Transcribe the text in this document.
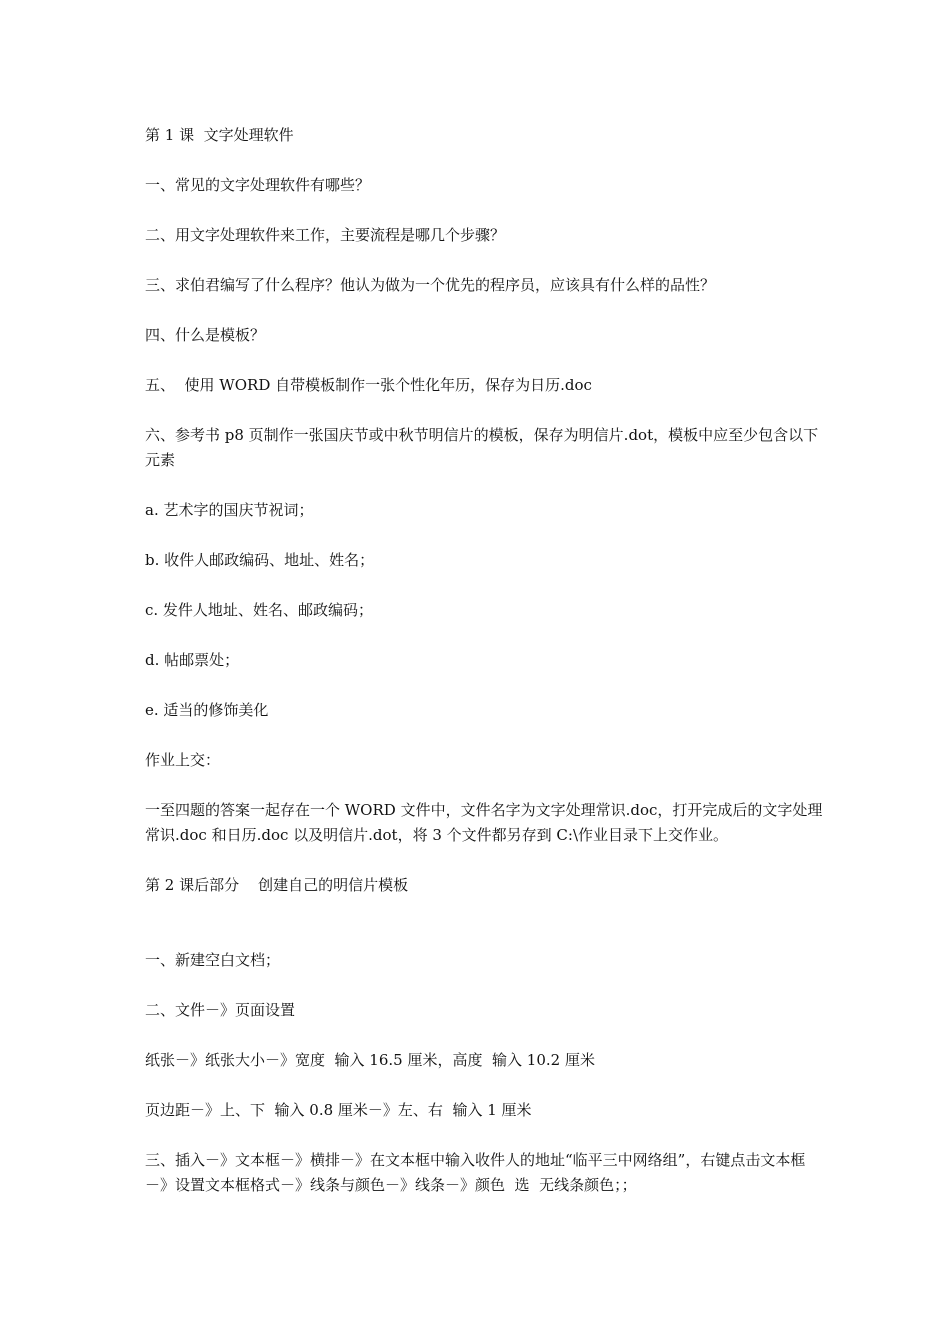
第 1 课  文字处理软件

一、常见的文字处理软件有哪些？

二、用文字处理软件来工作，主要流程是哪几个步骤？

三、求伯君编写了什么程序？他认为做为一个优先的程序员，应该具有什么样的品性？

四、什么是模板？

五、  使用 WORD 自带模板制作一张个性化年历，保存为日历.doc

六、参考书 p8 页制作一张国庆节或中秋节明信片的模板，保存为明信片.dot，模板中应至少包含以下元素

a. 艺术字的国庆节祝词；

b. 收件人邮政编码、地址、姓名；

c. 发件人地址、姓名、邮政编码；

d. 帖邮票处；

e. 适当的修饰美化

作业上交：

一至四题的答案一起存在一个 WORD 文件中，文件名字为文字处理常识.doc，打开完成后的文字处理常识.doc 和日历.doc 以及明信片.dot，将 3 个文件都另存到 C:\作业目录下上交作业。

第 2 课后部分    创建自己的明信片模板

一、新建空白文档；

二、文件－》页面设置

纸张－》纸张大小－》宽度  输入 16.5 厘米，高度  输入 10.2 厘米

页边距－》上、下  输入 0.8 厘米－》左、右  输入 1 厘米

三、插入－》文本框－》横排－》在文本框中输入收件人的地址“临平三中网络组”，右键点击文本框－》设置文本框格式－》线条与颜色－》线条－》颜色  选  无线条颜色；；
